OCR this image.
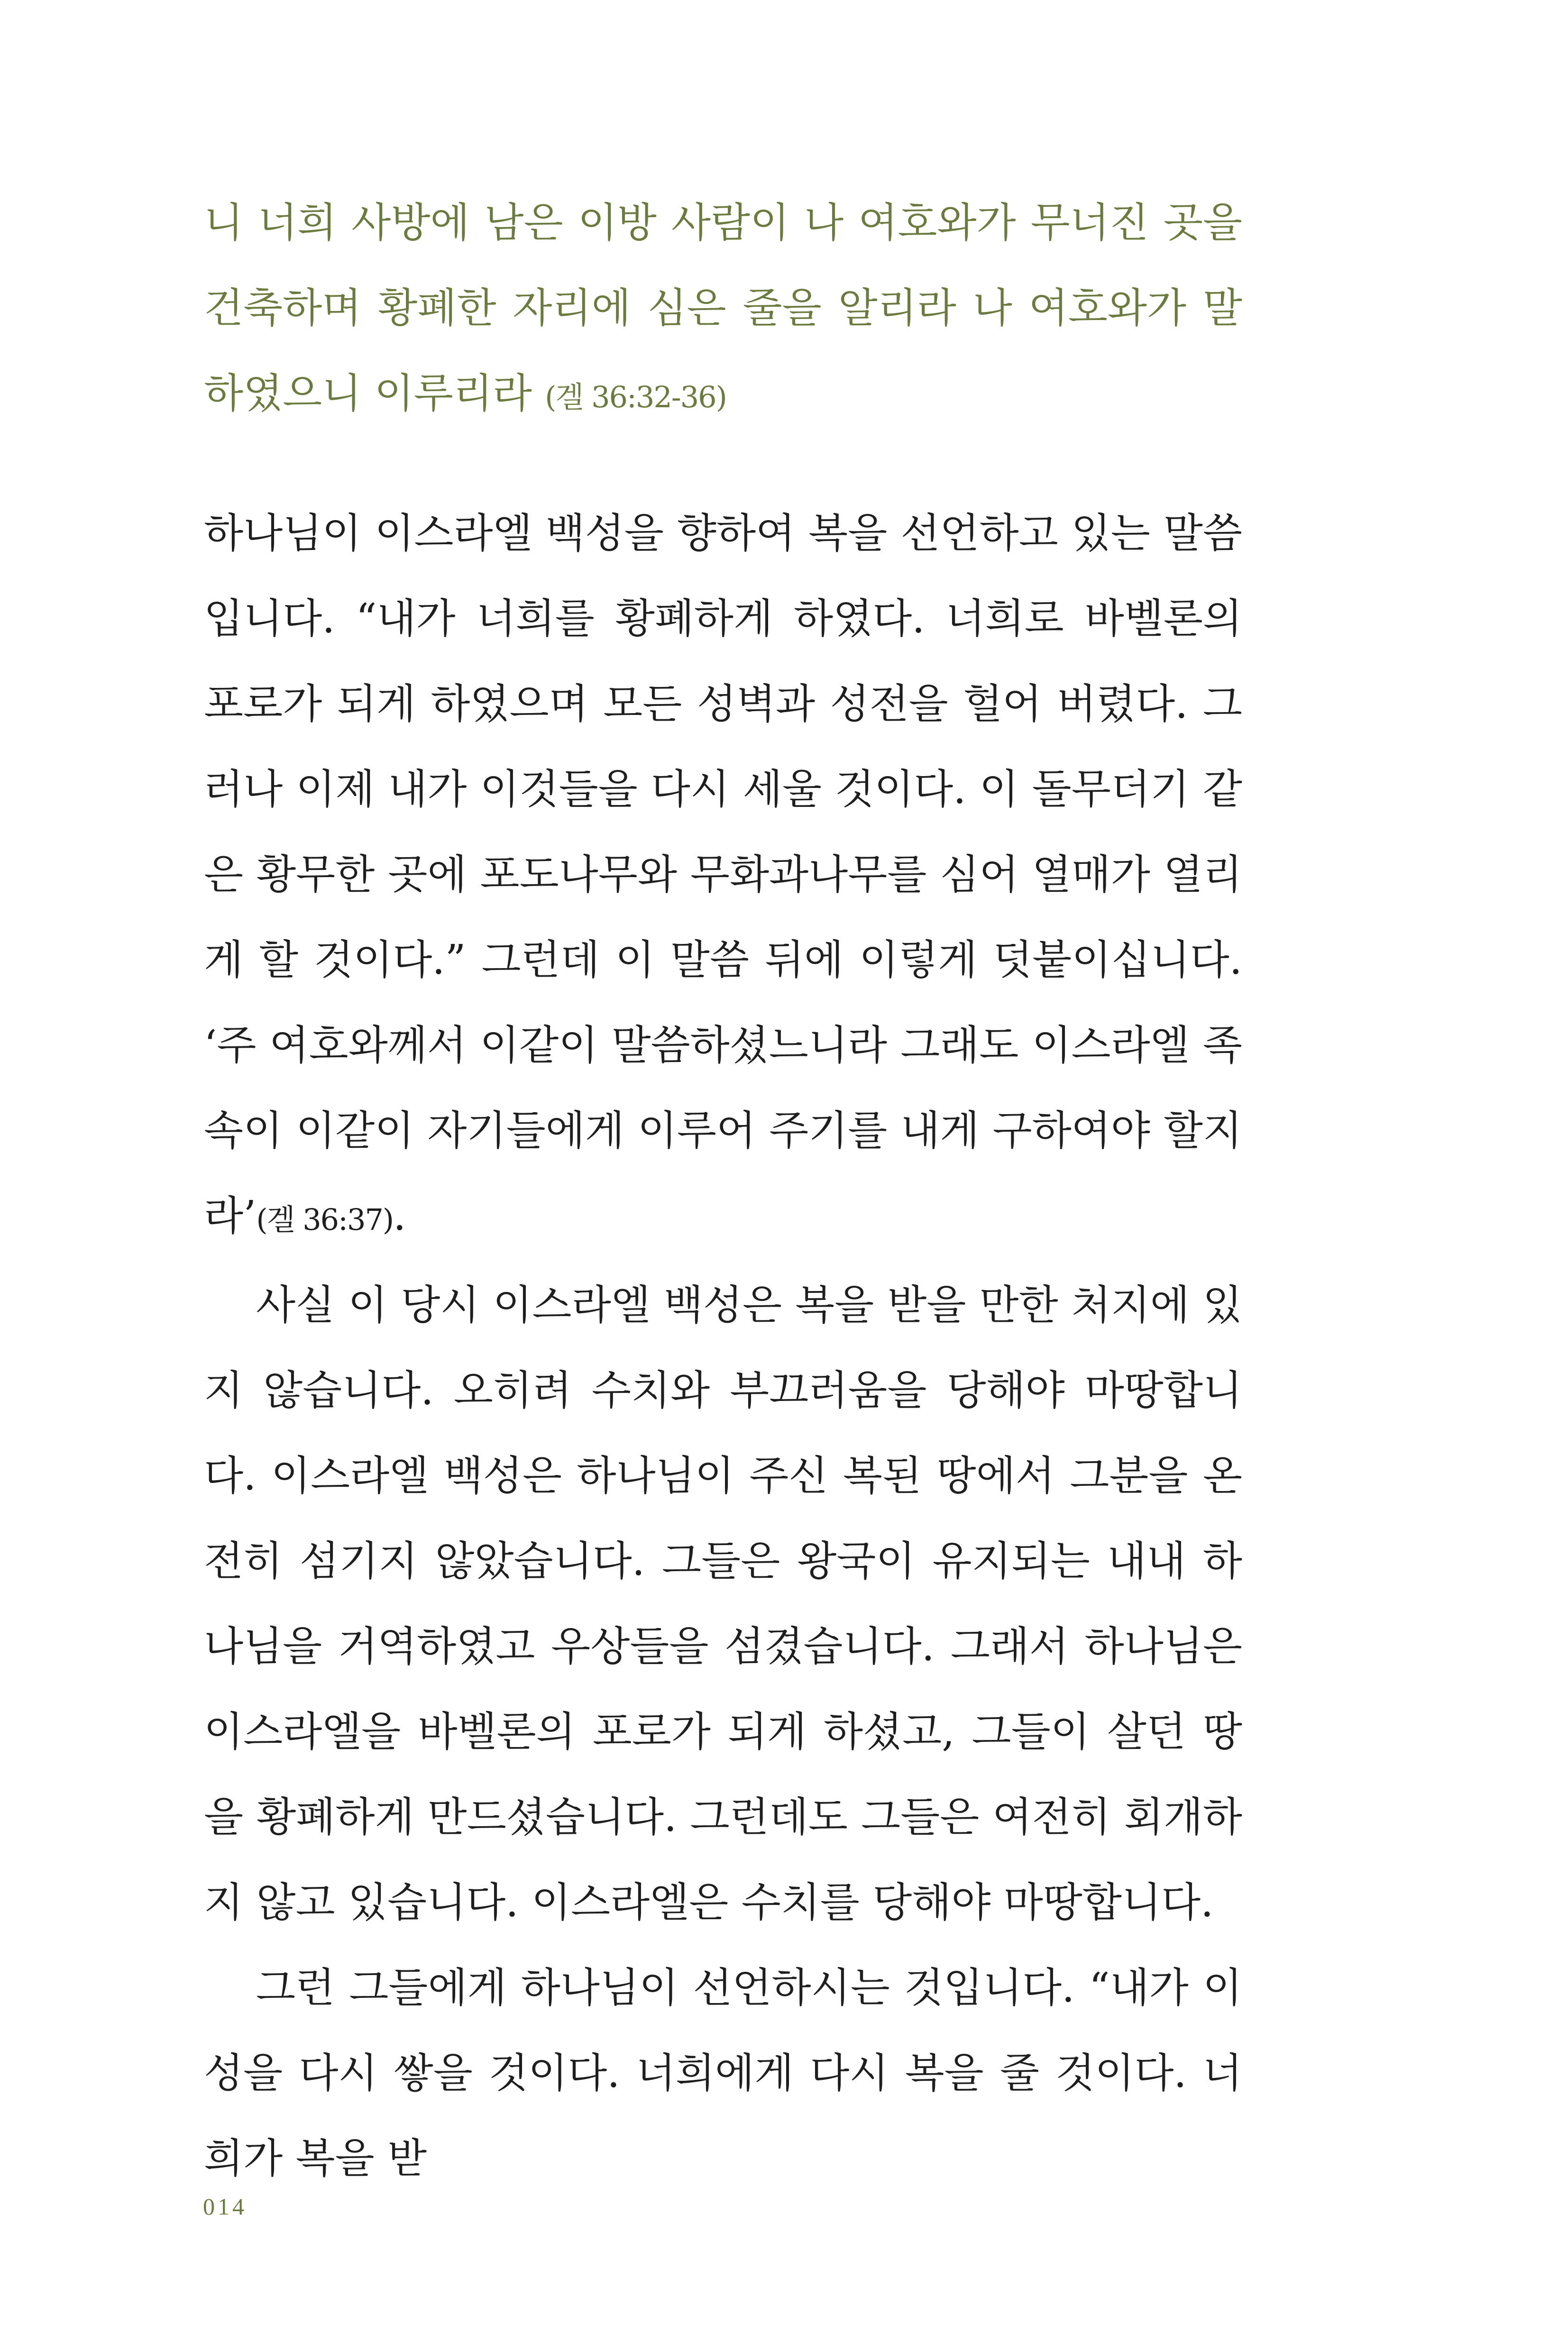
니 너희 사방에 남은 이방 사람이 나 여호와가 무너진 곳을 건축하며 황폐한 자리에 심은 줄을 알리라 나 여호와가 말하였으니 이루리라 (겔 36:32-36)

하나님이 이스라엘 백성을 향하여 복을 선언하고 있는 말씀입니다. “내가 너희를 황폐하게 하였다. 너희로 바벨론의 포로가 되게 하였으며 모든 성벽과 성전을 헐어 버렸다. 그러나 이제 내가 이것들을 다시 세울 것이다. 이 돌무더기 같은 황무한 곳에 포도나무와 무화과나무를 심어 열매가 열리게 할 것이다.” 그런데 이 말씀 뒤에 이렇게 덧붙이십니다. ‘주 여호와께서 이같이 말씀하셨느니라 그래도 이스라엘 족속이 이같이 자기들에게 이루어 주기를 내게 구하여야 할지라’(겔 36:37).

사실 이 당시 이스라엘 백성은 복을 받을 만한 처지에 있지 않습니다. 오히려 수치와 부끄러움을 당해야 마땅합니다. 이스라엘 백성은 하나님이 주신 복된 땅에서 그분을 온전히 섬기지 않았습니다. 그들은 왕국이 유지되는 내내 하나님을 거역하였고 우상들을 섬겼습니다. 그래서 하나님은 이스라엘을 바벨론의 포로가 되게 하셨고, 그들이 살던 땅을 황폐하게 만드셨습니다. 그런데도 그들은 여전히 회개하지 않고 있습니다. 이스라엘은 수치를 당해야 마땅합니다.

그런 그들에게 하나님이 선언하시는 것입니다. “내가 이 성을 다시 쌓을 것이다. 너희에게 다시 복을 줄 것이다. 너희가 복을 받

014
